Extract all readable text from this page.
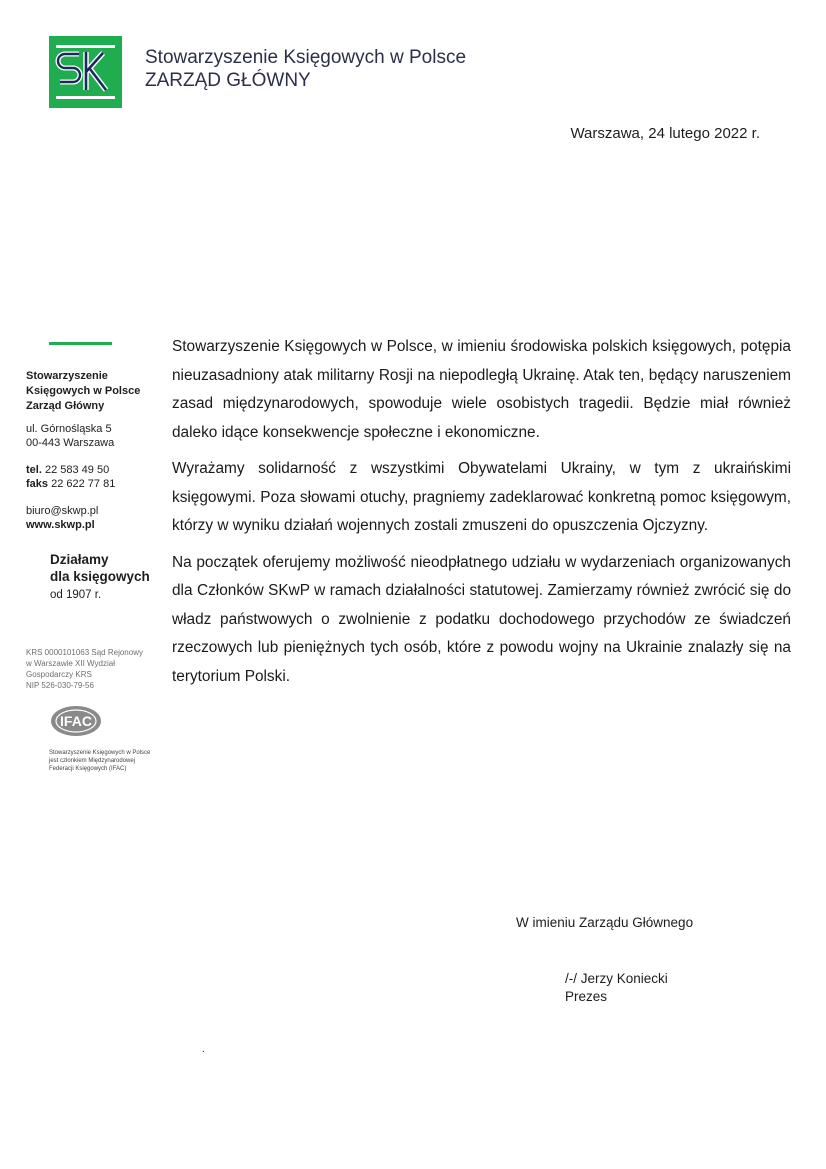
Stowarzyszenie Księgowych w Polsce
ZARZĄD GŁÓWNY
Warszawa, 24 lutego 2022 r.
Stowarzyszenie
Księgowych w Polsce
Zarząd Główny
ul. Górnośląska 5
00-443 Warszawa
tel. 22 583 49 50
faks 22 622 77 81
biuro@skwp.pl
www.skwp.pl
Działamy
dla księgowych
od 1907 r.
KRS 0000101063 Sąd Rejonowy
w Warszawie XII Wydział
Gospodarczy KRS
NIP 526-030-79-56
IFAC
Stowarzyszenie Księgowych w Polsce
jest członkiem Międzynarodowej
Federacji Księgowych (IFAC)

Stowarzyszenie Księgowych w Polsce, w imieniu środowiska polskich księgowych, potępia nieuzasadniony atak militarny Rosji na niepodległą Ukrainę. Atak ten, będący naruszeniem zasad międzynarodowych, spowoduje wiele osobistych tragedii. Będzie miał również daleko idące konsekwencje społeczne i ekonomiczne.

Wyrażamy solidarność z wszystkimi Obywatelami Ukrainy, w tym z ukraińskimi księgowymi. Poza słowami otuchy, pragniemy zadeklarować konkretną pomoc księgowym, którzy w wyniku działań wojennych zostali zmuszeni do opuszczenia Ojczyzny.

Na początek oferujemy możliwość nieodpłatnego udziału w wydarzeniach organizowanych dla Członków SKwP w ramach działalności statutowej. Zamierzamy również zwrócić się do władz państwowych o zwolnienie z podatku dochodowego przychodów ze świadczeń rzeczowych lub pieniężnych tych osób, które z powodu wojny na Ukrainie znalazły się na terytorium Polski.

W imieniu Zarządu Głównego
/-/ Jerzy Koniecki
Prezes
.
